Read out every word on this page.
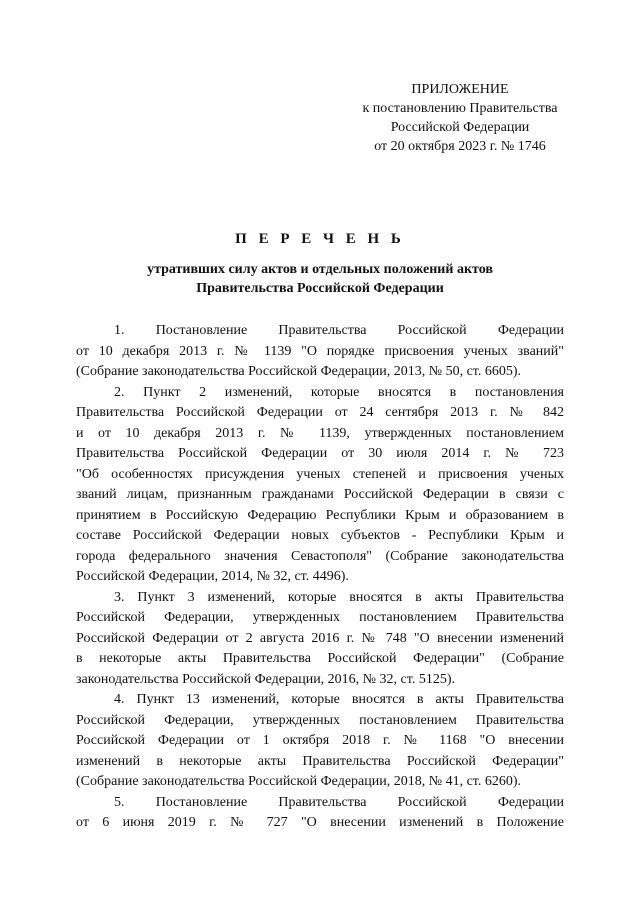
ПРИЛОЖЕНИЕ
к постановлению Правительства
Российской Федерации
от 20 октября 2023 г. № 1746
П Е Р Е Ч Е Н Ь
утративших силу актов и отдельных положений актов
Правительства Российской Федерации

1. Постановление Правительства Российской Федерации
от 10 декабря 2013 г. № 1139 "О порядке присвоения ученых званий"
(Собрание законодательства Российской Федерации, 2013, № 50, ст. 6605).

2. Пункт 2 изменений, которые вносятся в постановления
Правительства Российской Федерации от 24 сентября 2013 г. № 842
и от 10 декабря 2013 г. № 1139, утвержденных постановлением
Правительства Российской Федерации от 30 июля 2014 г. № 723
"Об особенностях присуждения ученых степеней и присвоения ученых
званий лицам, признанным гражданами Российской Федерации в связи с
принятием в Российскую Федерацию Республики Крым и образованием в
составе Российской Федерации новых субъектов - Республики Крым и
города федерального значения Севастополя" (Собрание законодательства
Российской Федерации, 2014, № 32, ст. 4496).

3. Пункт 3 изменений, которые вносятся в акты Правительства
Российской Федерации, утвержденных постановлением Правительства
Российской Федерации от 2 августа 2016 г. № 748 "О внесении изменений
в некоторые акты Правительства Российской Федерации" (Собрание
законодательства Российской Федерации, 2016, № 32, ст. 5125).

4. Пункт 13 изменений, которые вносятся в акты Правительства
Российской Федерации, утвержденных постановлением Правительства
Российской Федерации от 1 октября 2018 г. № 1168 "О внесении
изменений в некоторые акты Правительства Российской Федерации"
(Собрание законодательства Российской Федерации, 2018, № 41, ст. 6260).

5. Постановление Правительства Российской Федерации
от 6 июня 2019 г. № 727 "О внесении изменений в Положение
